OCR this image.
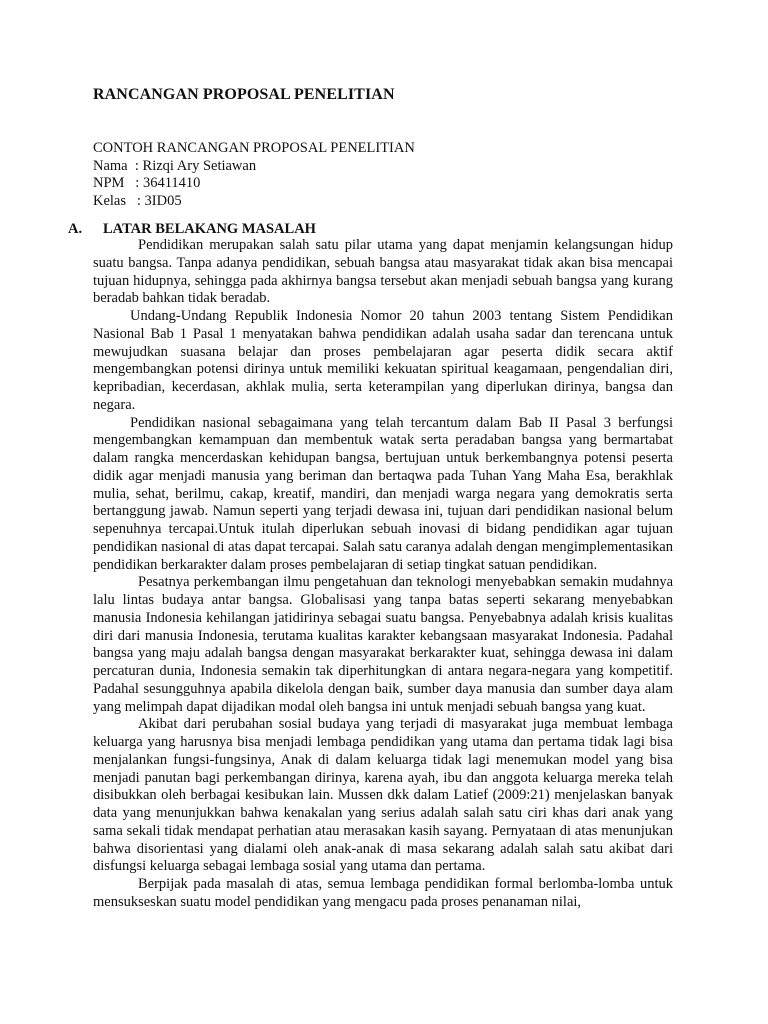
RANCANGAN PROPOSAL PENELITIAN
CONTOH RANCANGAN PROPOSAL PENELITIAN
Nama  : Rizqi Ary Setiawan
NPM   : 36411410
Kelas   : 3ID05
A. LATAR BELAKANG MASALAH

Pendidikan merupakan salah satu pilar utama yang dapat menjamin kelangsungan hidup suatu bangsa. Tanpa adanya pendidikan, sebuah bangsa atau masyarakat tidak akan bisa mencapai tujuan hidupnya, sehingga pada akhirnya bangsa tersebut akan menjadi sebuah bangsa yang kurang beradab bahkan tidak beradab.

Undang-Undang Republik Indonesia Nomor 20 tahun 2003 tentang Sistem Pendidikan Nasional Bab 1 Pasal 1 menyatakan bahwa pendidikan adalah usaha sadar dan terencana untuk mewujudkan suasana belajar dan proses pembelajaran agar peserta didik secara aktif mengembangkan potensi dirinya untuk memiliki kekuatan spiritual keagamaan, pengendalian diri, kepribadian, kecerdasan, akhlak mulia, serta keterampilan yang diperlukan dirinya, bangsa dan negara.

Pendidikan nasional sebagaimana yang telah tercantum dalam Bab II Pasal 3 berfungsi mengembangkan kemampuan dan membentuk watak serta peradaban bangsa yang bermartabat dalam rangka mencerdaskan kehidupan bangsa, bertujuan untuk berkembangnya potensi peserta didik agar menjadi manusia yang beriman dan bertaqwa pada Tuhan Yang Maha Esa, berakhlak mulia, sehat, berilmu, cakap, kreatif, mandiri, dan menjadi warga negara yang demokratis serta bertanggung jawab. Namun seperti yang terjadi dewasa ini, tujuan dari pendidikan nasional belum sepenuhnya tercapai.Untuk itulah diperlukan sebuah inovasi di bidang pendidikan agar tujuan pendidikan nasional di atas dapat tercapai. Salah satu caranya adalah dengan mengimplementasikan pendidikan berkarakter dalam proses pembelajaran di setiap tingkat satuan pendidikan.

Pesatnya perkembangan ilmu pengetahuan dan teknologi menyebabkan semakin mudahnya lalu lintas budaya antar bangsa. Globalisasi yang tanpa batas seperti sekarang menyebabkan manusia Indonesia kehilangan jatidirinya sebagai suatu bangsa. Penyebabnya adalah krisis kualitas diri dari manusia Indonesia, terutama kualitas karakter kebangsaan masyarakat Indonesia. Padahal bangsa yang maju adalah bangsa dengan masyarakat berkarakter kuat, sehingga dewasa ini dalam percaturan dunia, Indonesia semakin tak diperhitungkan di antara negara-negara yang kompetitif. Padahal sesungguhnya apabila dikelola dengan baik, sumber daya manusia dan sumber daya alam yang melimpah dapat dijadikan modal oleh bangsa ini untuk menjadi sebuah bangsa yang kuat.

Akibat dari perubahan sosial budaya yang terjadi di masyarakat juga membuat lembaga keluarga yang harusnya bisa menjadi lembaga pendidikan yang utama dan pertama tidak lagi bisa menjalankan fungsi-fungsinya, Anak di dalam keluarga tidak lagi menemukan model yang bisa menjadi panutan bagi perkembangan dirinya, karena ayah, ibu dan anggota keluarga mereka telah disibukkan oleh berbagai kesibukan lain. Mussen dkk dalam Latief (2009:21) menjelaskan banyak data yang menunjukkan bahwa kenakalan yang serius adalah salah satu ciri khas dari anak yang sama sekali tidak mendapat perhatian atau merasakan kasih sayang. Pernyataan di atas menunjukan bahwa disorientasi yang dialami oleh anak-anak di masa sekarang adalah salah satu akibat dari disfungsi keluarga sebagai lembaga sosial yang utama dan pertama.

Berpijak pada masalah di atas, semua lembaga pendidikan formal berlomba-lomba untuk mensukseskan suatu model pendidikan yang mengacu pada proses penanaman nilai,
